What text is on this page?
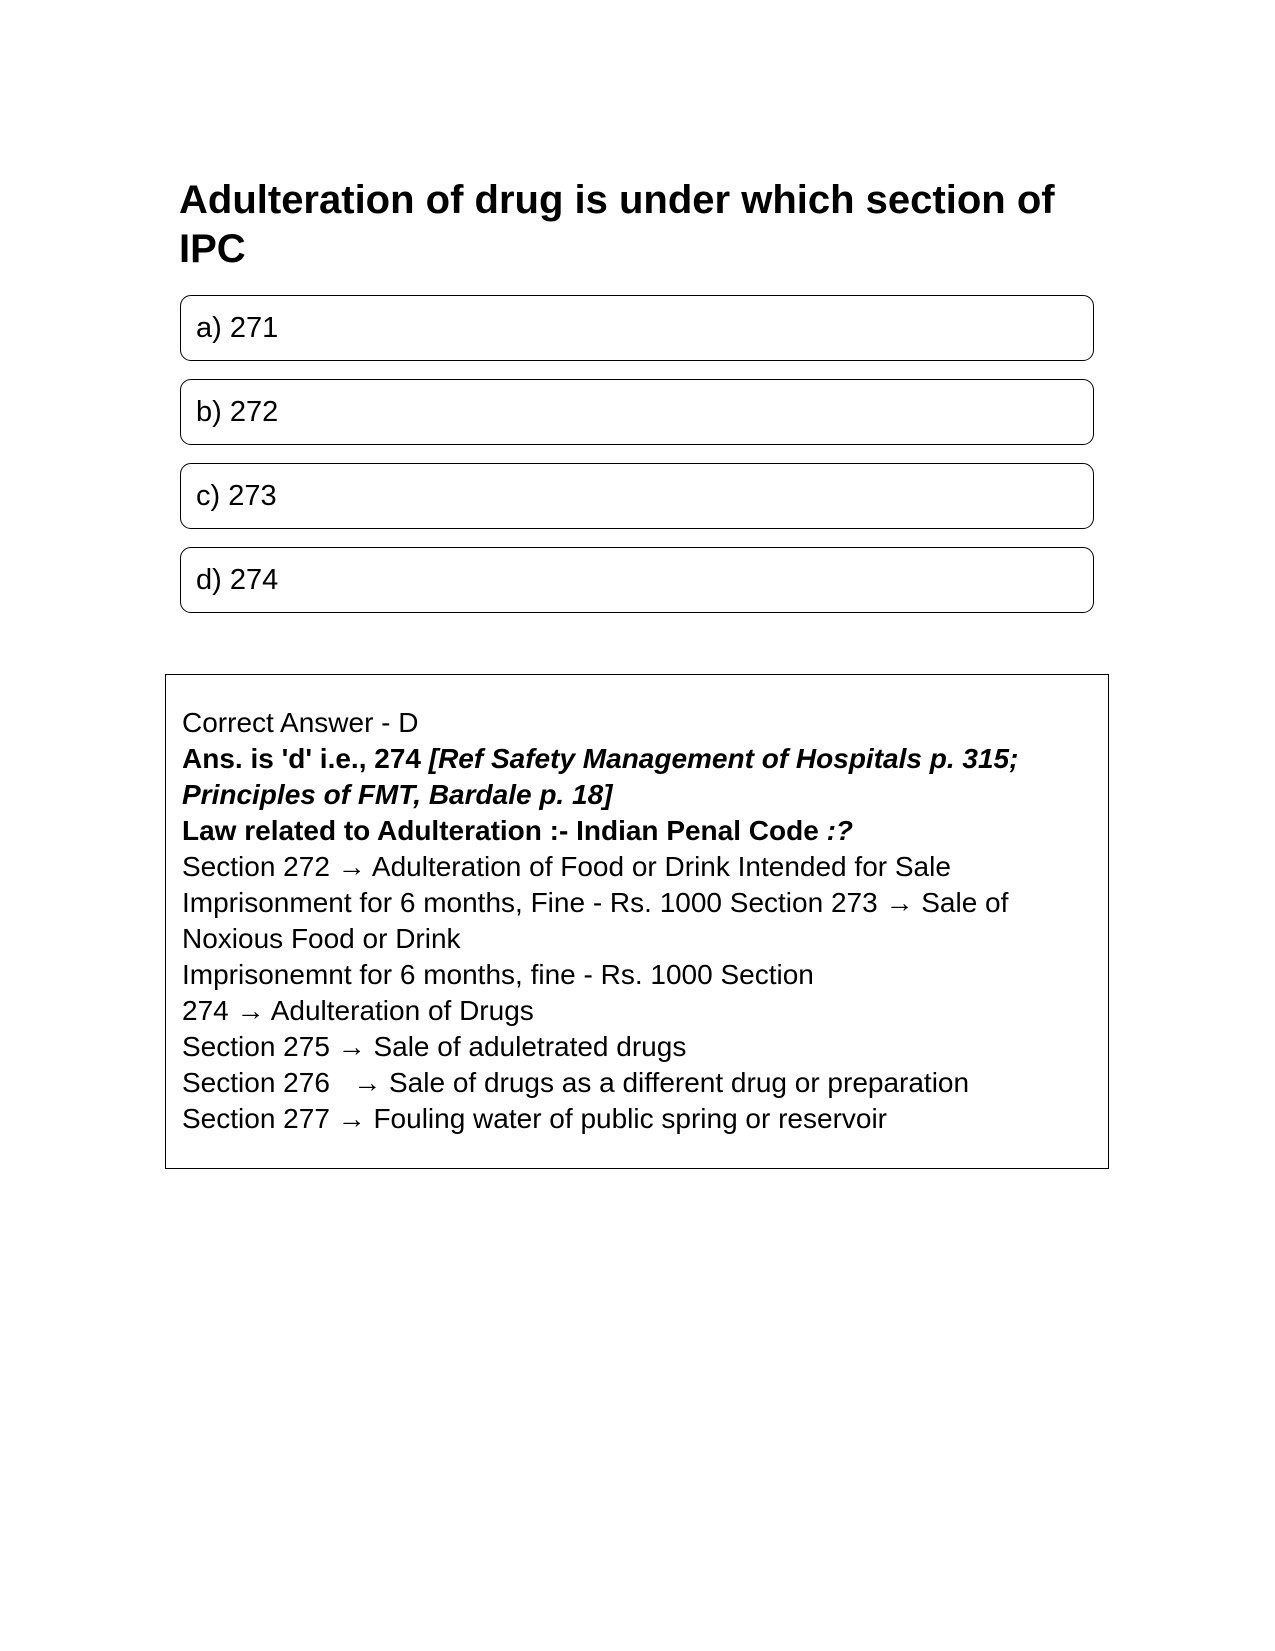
Adulteration of drug is under which section of IPC
a) 271
b) 272
c) 273
d) 274

Correct Answer - D

Ans. is 'd' i.e., 274 [Ref Safety Management of Hospitals p. 315; Principles of FMT, Bardale p. 18]

Law related to Adulteration :- Indian Penal Code :?

Section 272 → Adulteration of Food or Drink Intended for Sale

Imprisonment for 6 months, Fine - Rs. 1000 Section 273 → Sale of Noxious Food or Drink

Imprisonemnt for 6 months, fine - Rs. 1000 Section

274 → Adulteration of Drugs

Section 275 → Sale of aduletrated drugs

Section 276   → Sale of drugs as a different drug or preparation

Section 277 → Fouling water of public spring or reservoir
